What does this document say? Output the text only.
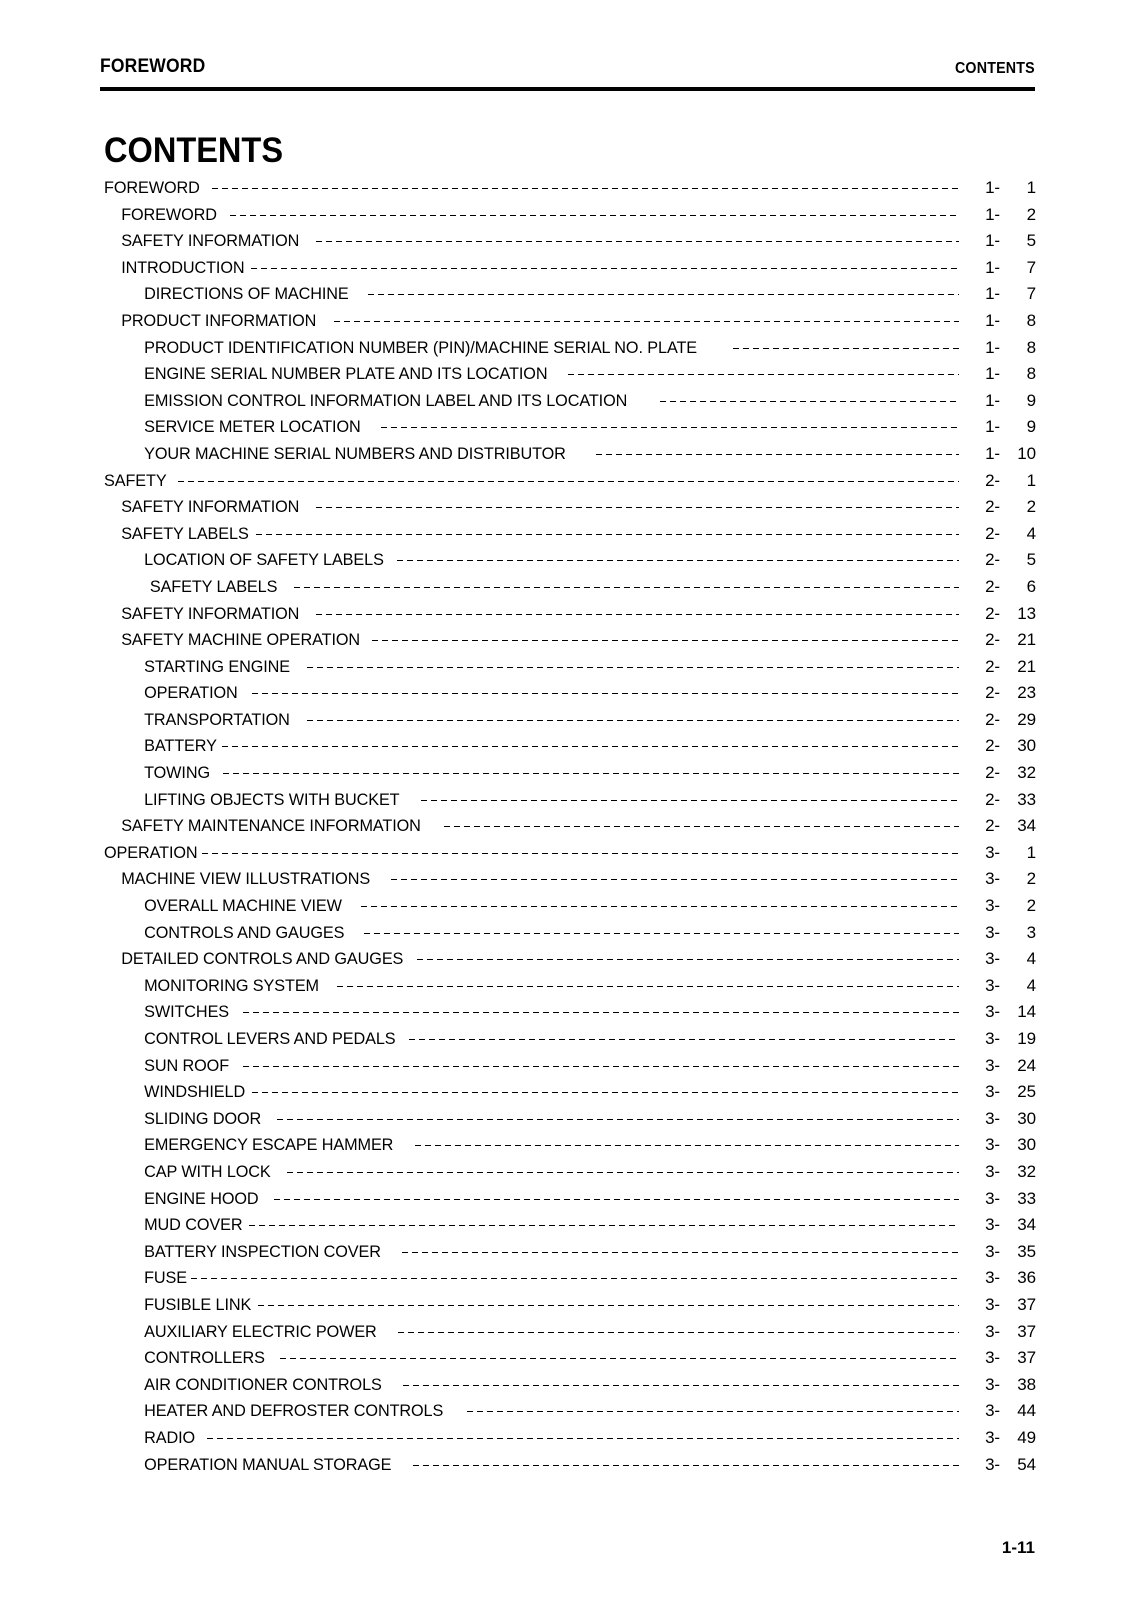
FOREWORD	CONTENTS
CONTENTS
FOREWORD	1-	1
FOREWORD	1-	2
SAFETY INFORMATION	1-	5
INTRODUCTION	1-	7
DIRECTIONS OF MACHINE	1-	7
PRODUCT INFORMATION	1-	8
PRODUCT IDENTIFICATION NUMBER (PIN)/MACHINE SERIAL NO. PLATE	1-	8
ENGINE SERIAL NUMBER PLATE AND ITS LOCATION	1-	8
EMISSION CONTROL INFORMATION LABEL AND ITS LOCATION	1-	9
SERVICE METER LOCATION	1-	9
YOUR MACHINE SERIAL NUMBERS AND DISTRIBUTOR	1-	10
SAFETY	2-	1
SAFETY INFORMATION	2-	2
SAFETY LABELS	2-	4
LOCATION OF SAFETY LABELS	2-	5
SAFETY LABELS	2-	6
SAFETY INFORMATION	2-	13
SAFETY MACHINE OPERATION	2-	21
STARTING ENGINE	2-	21
OPERATION	2-	23
TRANSPORTATION	2-	29
BATTERY	2-	30
TOWING	2-	32
LIFTING OBJECTS WITH BUCKET	2-	33
SAFETY MAINTENANCE INFORMATION	2-	34
OPERATION	3-	1
MACHINE VIEW ILLUSTRATIONS	3-	2
OVERALL MACHINE VIEW	3-	2
CONTROLS AND GAUGES	3-	3
DETAILED CONTROLS AND GAUGES	3-	4
MONITORING SYSTEM	3-	4
SWITCHES	3-	14
CONTROL LEVERS AND PEDALS	3-	19
SUN ROOF	3-	24
WINDSHIELD	3-	25
SLIDING DOOR	3-	30
EMERGENCY ESCAPE HAMMER	3-	30
CAP WITH LOCK	3-	32
ENGINE HOOD	3-	33
MUD COVER	3-	34
BATTERY INSPECTION COVER	3-	35
FUSE	3-	36
FUSIBLE LINK	3-	37
AUXILIARY ELECTRIC POWER	3-	37
CONTROLLERS	3-	37
AIR CONDITIONER CONTROLS	3-	38
HEATER AND DEFROSTER CONTROLS	3-	44
RADIO	3-	49
OPERATION MANUAL STORAGE	3-	54
1-11
